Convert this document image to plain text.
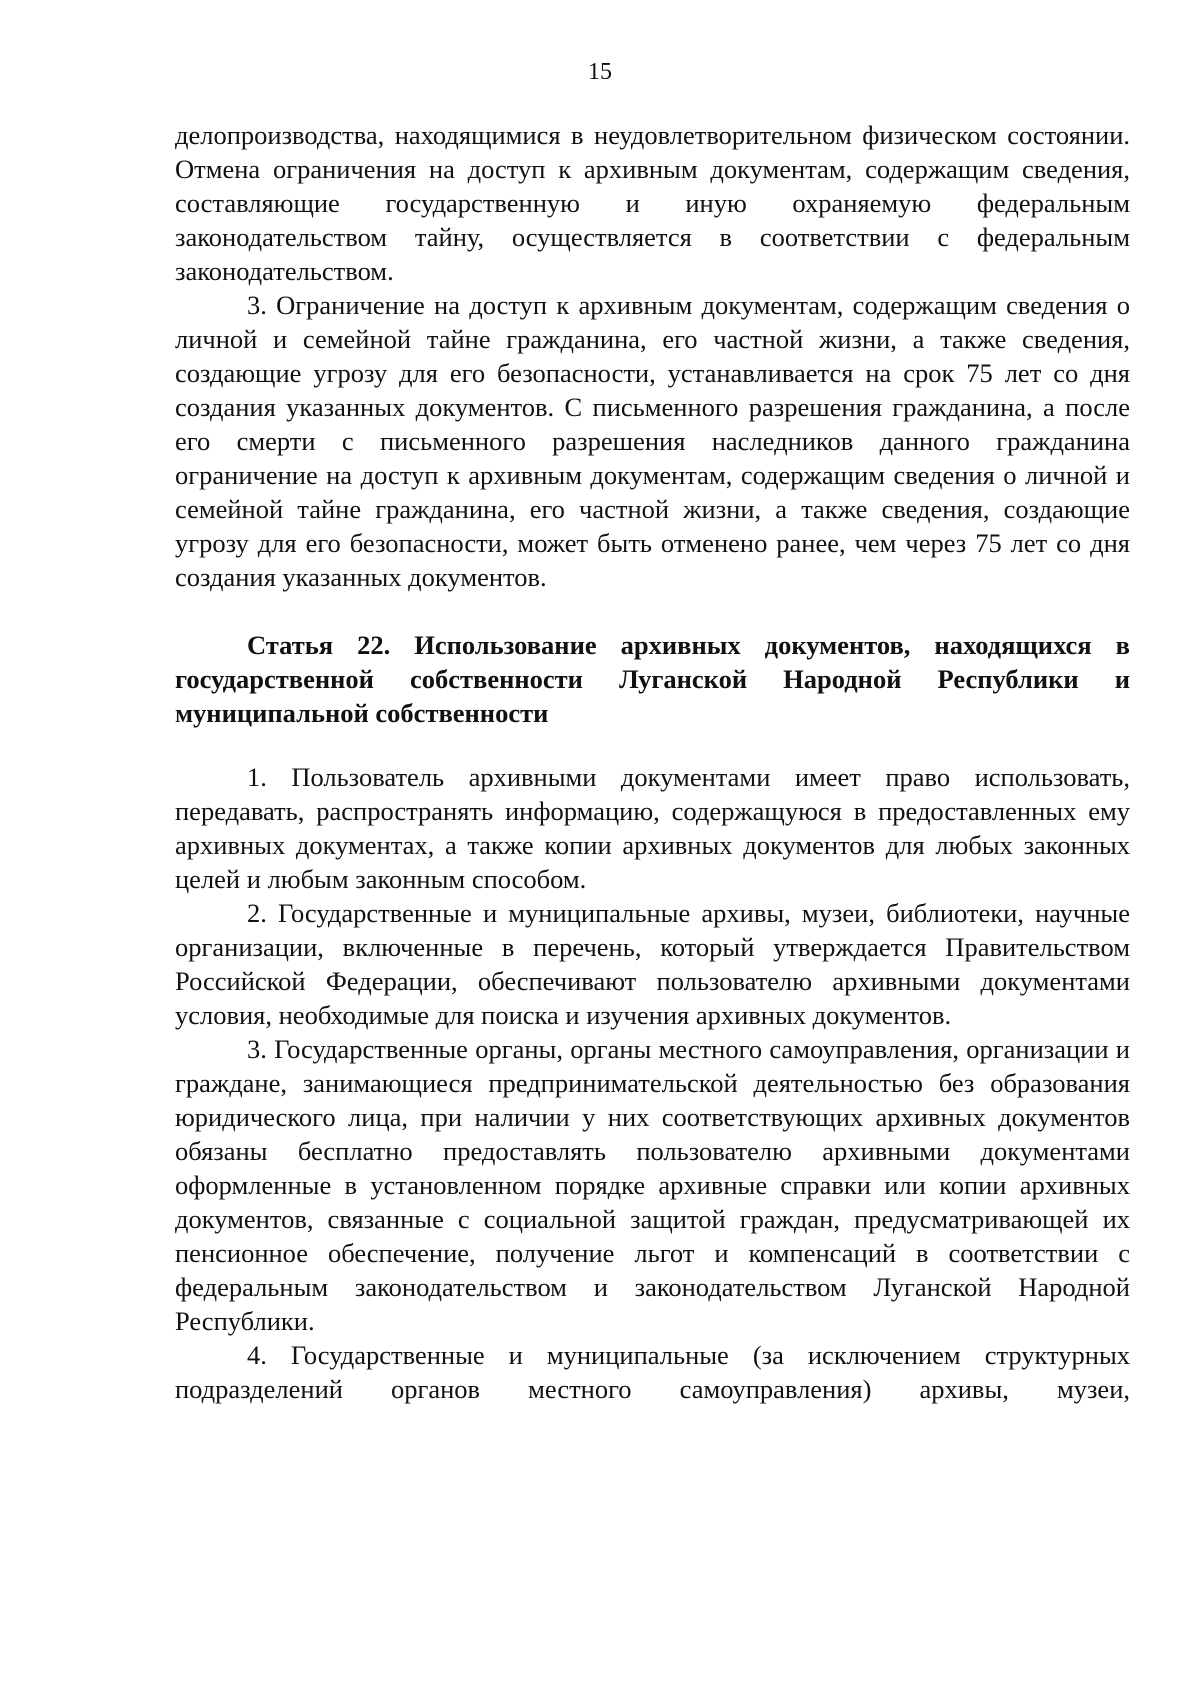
15

делопроизводства, находящимися в неудовлетворительном физическом состоянии. Отмена ограничения на доступ к архивным документам, содержащим сведения, составляющие государственную и иную охраняемую федеральным законодательством тайну, осуществляется в соответствии с федеральным законодательством.

3. Ограничение на доступ к архивным документам, содержащим сведения о личной и семейной тайне гражданина, его частной жизни, а также сведения, создающие угрозу для его безопасности, устанавливается на срок 75 лет со дня создания указанных документов. С письменного разрешения гражданина, а после его смерти с письменного разрешения наследников данного гражданина ограничение на доступ к архивным документам, содержащим сведения о личной и семейной тайне гражданина, его частной жизни, а также сведения, создающие угрозу для его безопасности, может быть отменено ранее, чем через 75 лет со дня создания указанных документов.

Статья 22. Использование архивных документов, находящихся в государственной собственности Луганской Народной Республики и муниципальной собственности

1. Пользователь архивными документами имеет право использовать, передавать, распространять информацию, содержащуюся в предоставленных ему архивных документах, а также копии архивных документов для любых законных целей и любым законным способом.

2. Государственные и муниципальные архивы, музеи, библиотеки, научные организации, включенные в перечень, который утверждается Правительством Российской Федерации, обеспечивают пользователю архивными документами условия, необходимые для поиска и изучения архивных документов.

3. Государственные органы, органы местного самоуправления, организации и граждане, занимающиеся предпринимательской деятельностью без образования юридического лица, при наличии у них соответствующих архивных документов обязаны бесплатно предоставлять пользователю архивными документами оформленные в установленном порядке архивные справки или копии архивных документов, связанные с социальной защитой граждан, предусматривающей их пенсионное обеспечение, получение льгот и компенсаций в соответствии с федеральным законодательством и законодательством Луганской Народной Республики.

4. Государственные и муниципальные (за исключением структурных подразделений органов местного самоуправления) архивы, музеи,
